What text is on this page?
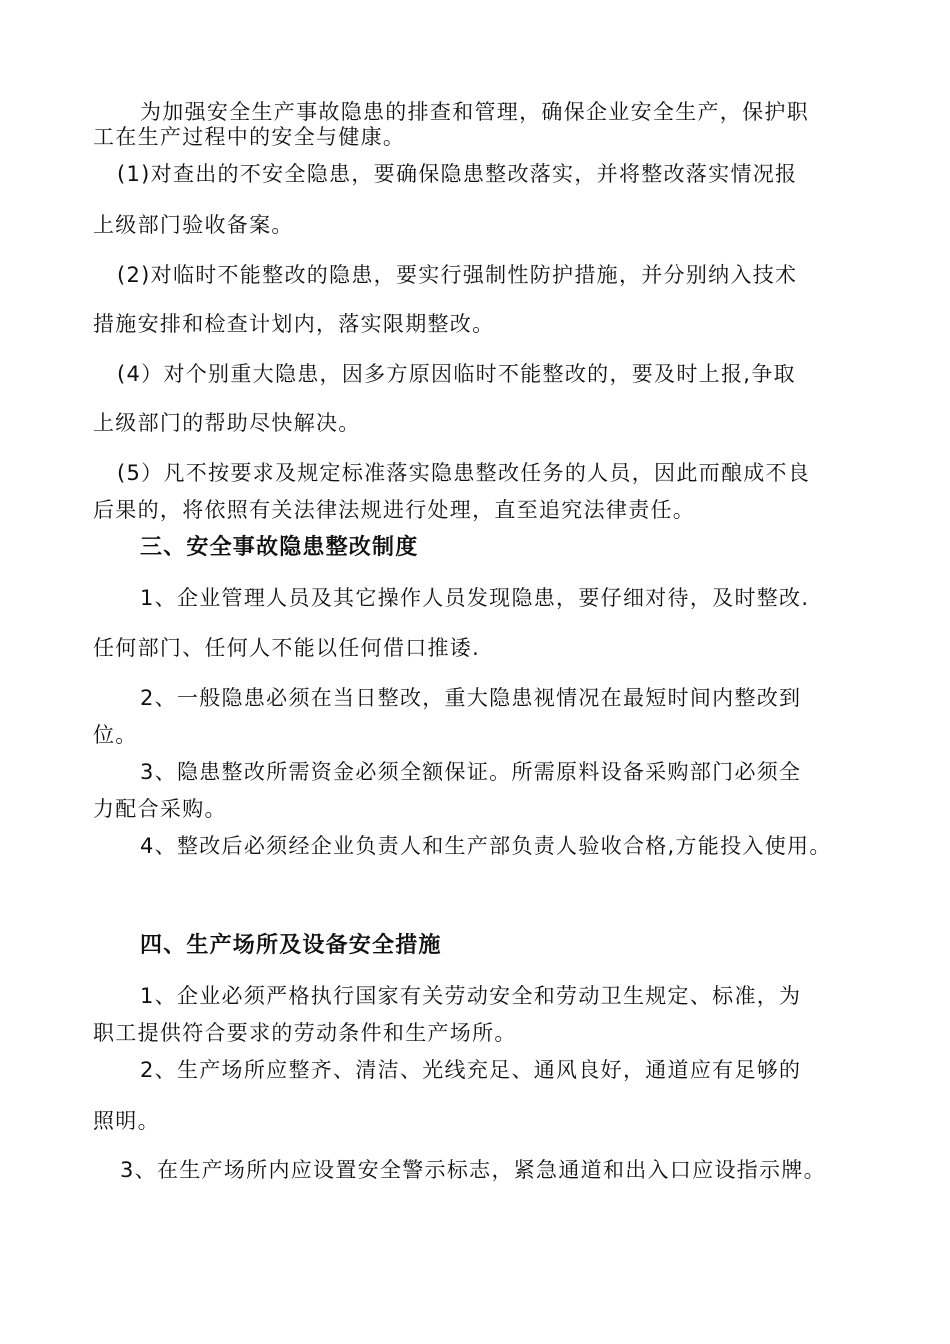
为加强安全生产事故隐患的排查和管理，确保企业安全生产，保护职
工在生产过程中的安全与健康。
(1)对查出的不安全隐患，要确保隐患整改落实，并将整改落实情况报
上级部门验收备案。
(2)对临时不能整改的隐患，要实行强制性防护措施，并分别纳入技术
措施安排和检查计划内，落实限期整改。
(4）对个别重大隐患，因多方原因临时不能整改的，要及时上报,争取
上级部门的帮助尽快解决。
(5）凡不按要求及规定标准落实隐患整改任务的人员，因此而酿成不良
后果的，将依照有关法律法规进行处理，直至追究法律责任。
三、安全事故隐患整改制度
1、企业管理人员及其它操作人员发现隐患，要仔细对待，及时整改.
任何部门、任何人不能以任何借口推诿.
2、一般隐患必须在当日整改，重大隐患视情况在最短时间内整改到
位。
3、隐患整改所需资金必须全额保证。所需原料设备采购部门必须全
力配合采购。
4、整改后必须经企业负责人和生产部负责人验收合格,方能投入使用。
四、生产场所及设备安全措施
1、企业必须严格执行国家有关劳动安全和劳动卫生规定、标准，为
职工提供符合要求的劳动条件和生产场所。
2、生产场所应整齐、清洁、光线充足、通风良好，通道应有足够的
照明。
3、在生产场所内应设置安全警示标志，紧急通道和出入口应设指示牌。
